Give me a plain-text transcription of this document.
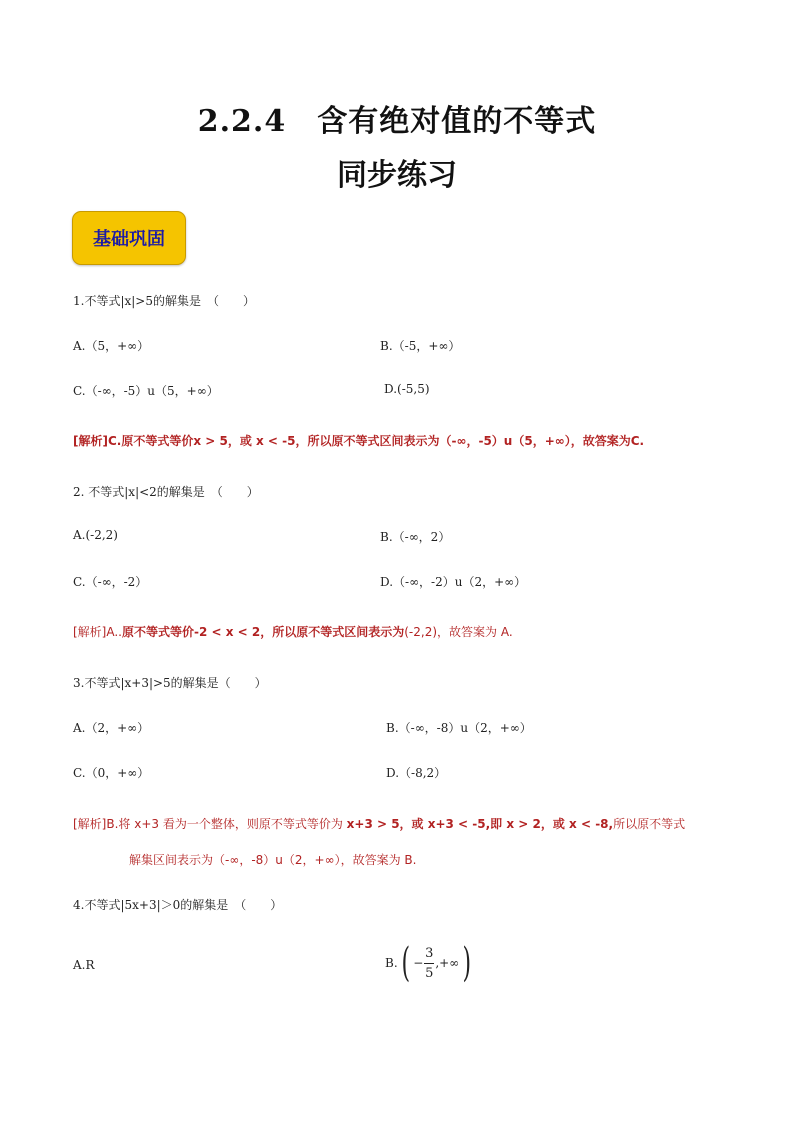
2.2.4　含有绝对值的不等式
同步练习
基础巩固
1.不等式|x|>5的解集是　（　　）
A.（5，+∞）	B.（-5，+∞）
C.（-∞，-5）u（5，+∞）	D.(-5,5)
[解析]C.原不等式等价x > 5，或 x < -5，所以原不等式区间表示为（-∞，-5）u（5，+∞），故答案为C.
2. 不等式|x|<2的解集是　（　　）
A.(-2,2)	B.（-∞，2）
C.（-∞，-2）	D.（-∞，-2）u（2，+∞）
[解析]A..原不等式等价-2 < x < 2，所以原不等式区间表示为(-2,2)，故答案为 A.
3.不等式|x+3|>5的解集是（　　）
A.（2，+∞）	B.（-∞，-8）u（2，+∞）
C.（0，+∞）	D.（-8,2）
[解析]B.将 x+3 看为一个整体，则原不等式等价为 x+3 > 5，或 x+3 < -5,即 x > 2，或 x < -8,所以原不等式
解集区间表示为（-∞，-8）u（2，+∞），故答案为 B.
4.不等式|5x+3|＞0的解集是　（　　）
A.R	B. ( − $\frac{3}{5}$ ,+∞ )
